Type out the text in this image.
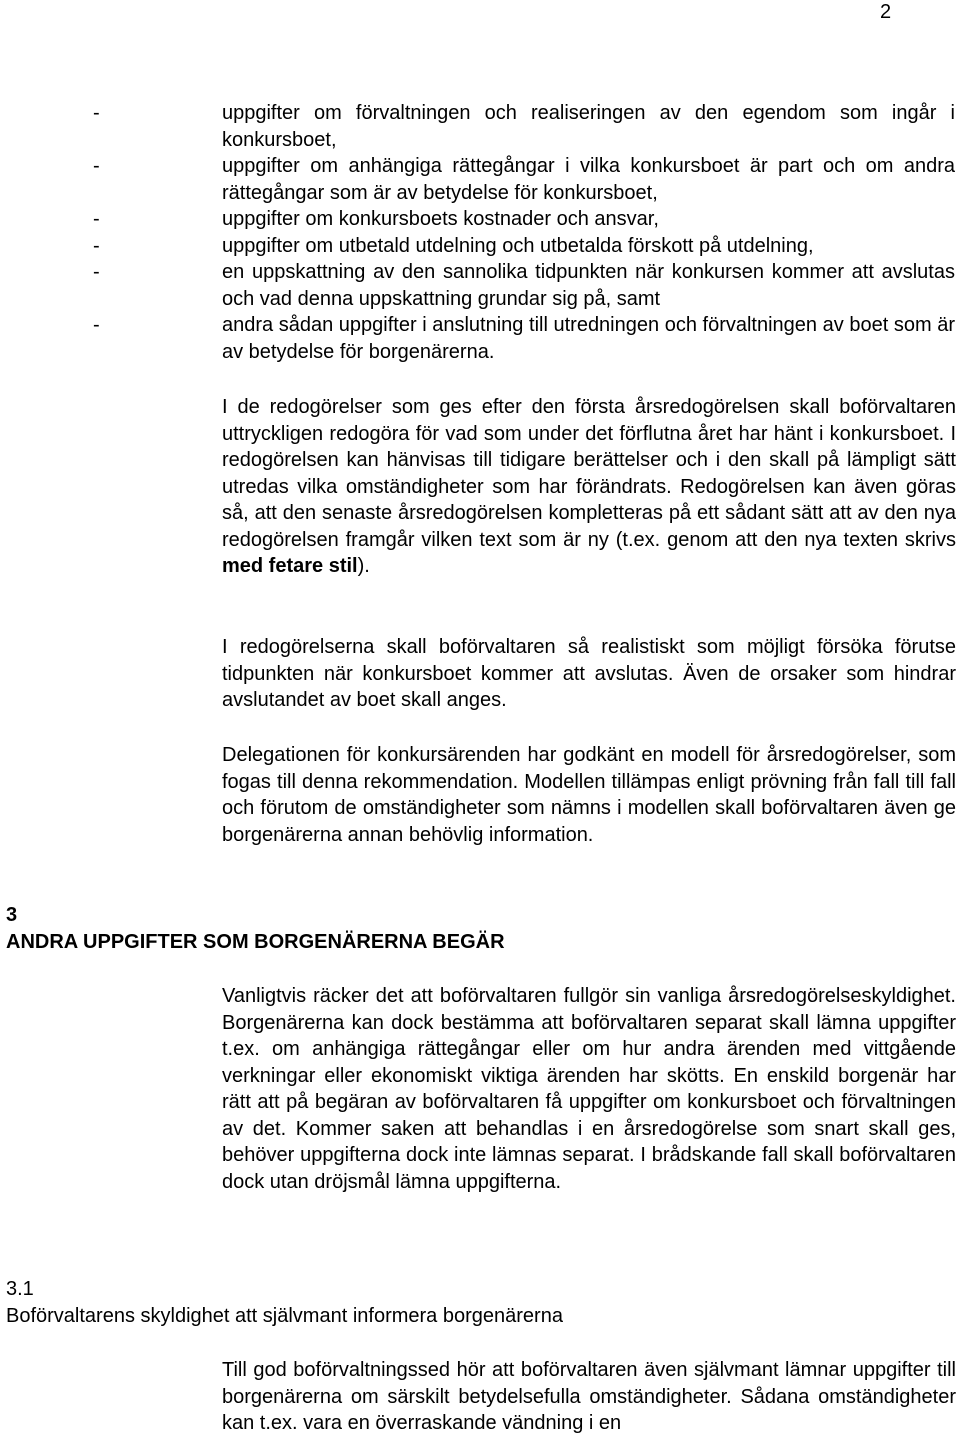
2
-	uppgifter om förvaltningen och realiseringen av den egendom som ingår i konkursboet,
-	uppgifter om anhängiga rättegångar i vilka konkursboet är part och om andra rättegångar som är av betydelse för konkursboet,
-	uppgifter om konkursboets kostnader och ansvar,
-	uppgifter om utbetald utdelning och utbetalda förskott på utdelning,
-	en uppskattning av den sannolika tidpunkten när konkursen kommer att avslutas och vad denna uppskattning grundar sig på, samt
-	andra sådan uppgifter i anslutning till utredningen och förvaltningen av boet som är av betydelse för borgenärerna.

I de redogörelser som ges efter den första årsredogörelsen skall boförvaltaren uttryckligen redogöra för vad som under det förflutna året har hänt i konkursboet. I redogörelsen kan hänvisas till tidigare berättelser och i den skall på lämpligt sätt utredas vilka omständigheter som har förändrats. Redogörelsen kan även göras så, att den senaste årsredogörelsen kompletteras på ett sådant sätt att av den nya redogörelsen framgår vilken text som är ny (t.ex. genom att den nya texten skrivs med fetare stil).

I redogörelserna skall boförvaltaren så realistiskt som möjligt försöka förutse tidpunkten när konkursboet kommer att avslutas. Även de orsaker som hindrar avslutandet av boet skall anges.

Delegationen för konkursärenden har godkänt en modell för årsredogörelser, som fogas till denna rekommendation. Modellen tillämpas enligt prövning från fall till fall och förutom de omständigheter som nämns i modellen skall boförvaltaren även ge borgenärerna annan behövlig information.

3
ANDRA UPPGIFTER SOM BORGENÄRERNA BEGÄR

Vanligtvis räcker det att boförvaltaren fullgör sin vanliga årsredogörelseskyldighet. Borgenärerna kan dock bestämma att boförvaltaren separat skall lämna uppgifter t.ex. om anhängiga rättegångar eller om hur andra ärenden med vittgående verkningar eller ekonomiskt viktiga ärenden har skötts. En enskild borgenär har rätt att på begäran av boförvaltaren få uppgifter om konkursboet och förvaltningen av det. Kommer saken att behandlas i en årsredogörelse som snart skall ges, behöver uppgifterna dock inte lämnas separat. I brådskande fall skall boförvaltaren dock utan dröjsmål lämna uppgifterna.

3.1
Boförvaltarens skyldighet att självmant informera borgenärerna

Till god boförvaltningssed hör att boförvaltaren även självmant lämnar uppgifter till borgenärerna om särskilt betydelsefulla omständigheter. Sådana omständigheter kan t.ex. vara en överraskande vändning i en
